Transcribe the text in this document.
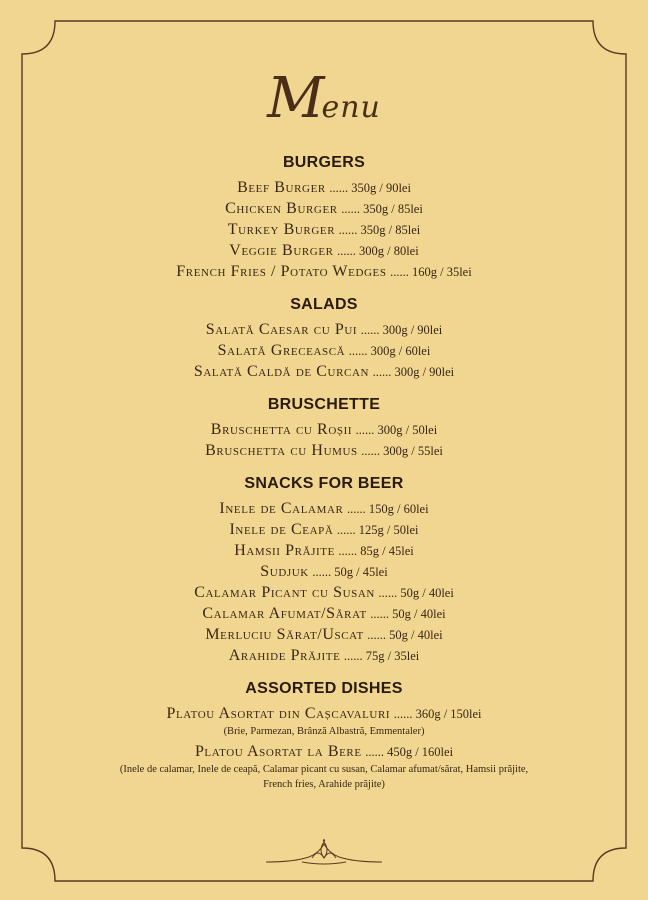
Menu
BURGERS
Beef Burger ...... 350g / 90lei
Chicken Burger ...... 350g / 85lei
Turkey Burger ...... 350g / 85lei
Veggie Burger ...... 300g / 80lei
French Fries / Potato Wedges ...... 160g / 35lei
SALADS
Salată Caesar cu Pui ...... 300g / 90lei
Salată Grecească ...... 300g / 60lei
Salată Caldă de Curcan ...... 300g / 90lei
BRUSCHETTE
Bruschetta cu Roșii ...... 300g / 50lei
Bruschetta cu Humus ...... 300g / 55lei
SNACKS FOR BEER
Inele de Calamar ...... 150g / 60lei
Inele de Ceapă ...... 125g / 50lei
Hamsii Prăjite ...... 85g / 45lei
Sudjuk ...... 50g / 45lei
Calamar Picant cu Susan ...... 50g / 40lei
Calamar Afumat/Sărat ...... 50g / 40lei
Merluciu Sărat/Uscat ...... 50g / 40lei
Arahide Prăjite ...... 75g / 35lei
ASSORTED DISHES
Platou Asortat din Cașcavaluri ...... 360g / 150lei
(Brie, Parmezan, Brânză Albastră, Emmentaler)
Platou Asortat la Bere ...... 450g / 160lei
(Inele de calamar, Inele de ceapă, Calamar picant cu susan, Calamar afumat/sărat, Hamsii prăjite, French fries, Arahide prăjite)
